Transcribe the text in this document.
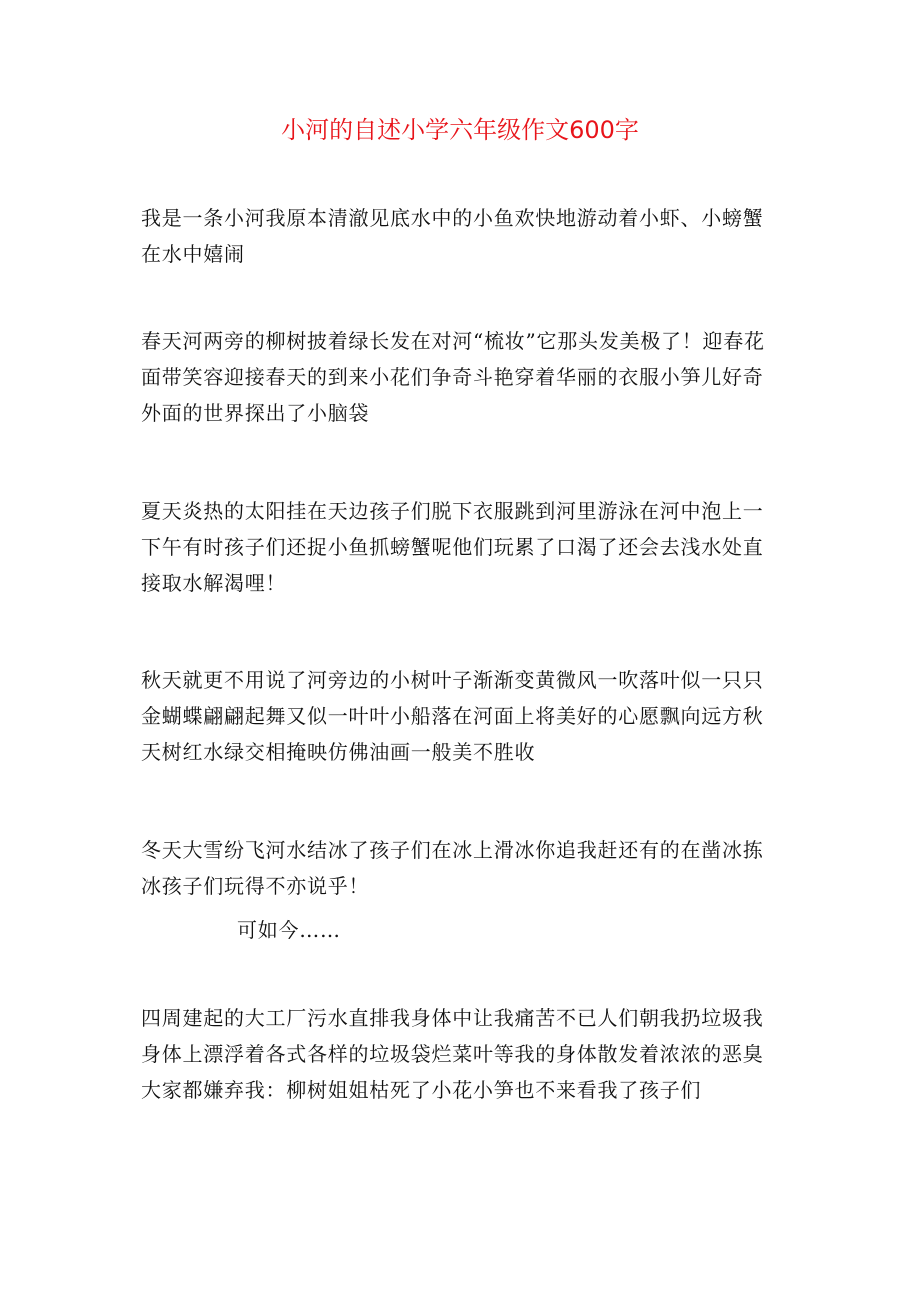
小河的自述小学六年级作文600字

我是一条小河我原本清澈见底水中的小鱼欢快地游动着小虾、小螃蟹在水中嬉闹

春天河两旁的柳树披着绿长发在对河“梳妆”它那头发美极了！迎春花面带笑容迎接春天的到来小花们争奇斗艳穿着华丽的衣服小笋儿好奇外面的世界探出了小脑袋

夏天炎热的太阳挂在天边孩子们脱下衣服跳到河里游泳在河中泡上一下午有时孩子们还捉小鱼抓螃蟹呢他们玩累了口渴了还会去浅水处直接取水解渴哩！

秋天就更不用说了河旁边的小树叶子渐渐变黄微风一吹落叶似一只只金蝴蝶翩翩起舞又似一叶叶小船落在河面上将美好的心愿飘向远方秋天树红水绿交相掩映仿佛油画一般美不胜收

冬天大雪纷飞河水结冰了孩子们在冰上滑冰你追我赶还有的在凿冰拣冰孩子们玩得不亦说乎！

可如今……

四周建起的大工厂污水直排我身体中让我痛苦不已人们朝我扔垃圾我身体上漂浮着各式各样的垃圾袋烂菜叶等我的身体散发着浓浓的恶臭大家都嫌弃我：柳树姐姐枯死了小花小笋也不来看我了孩子们
